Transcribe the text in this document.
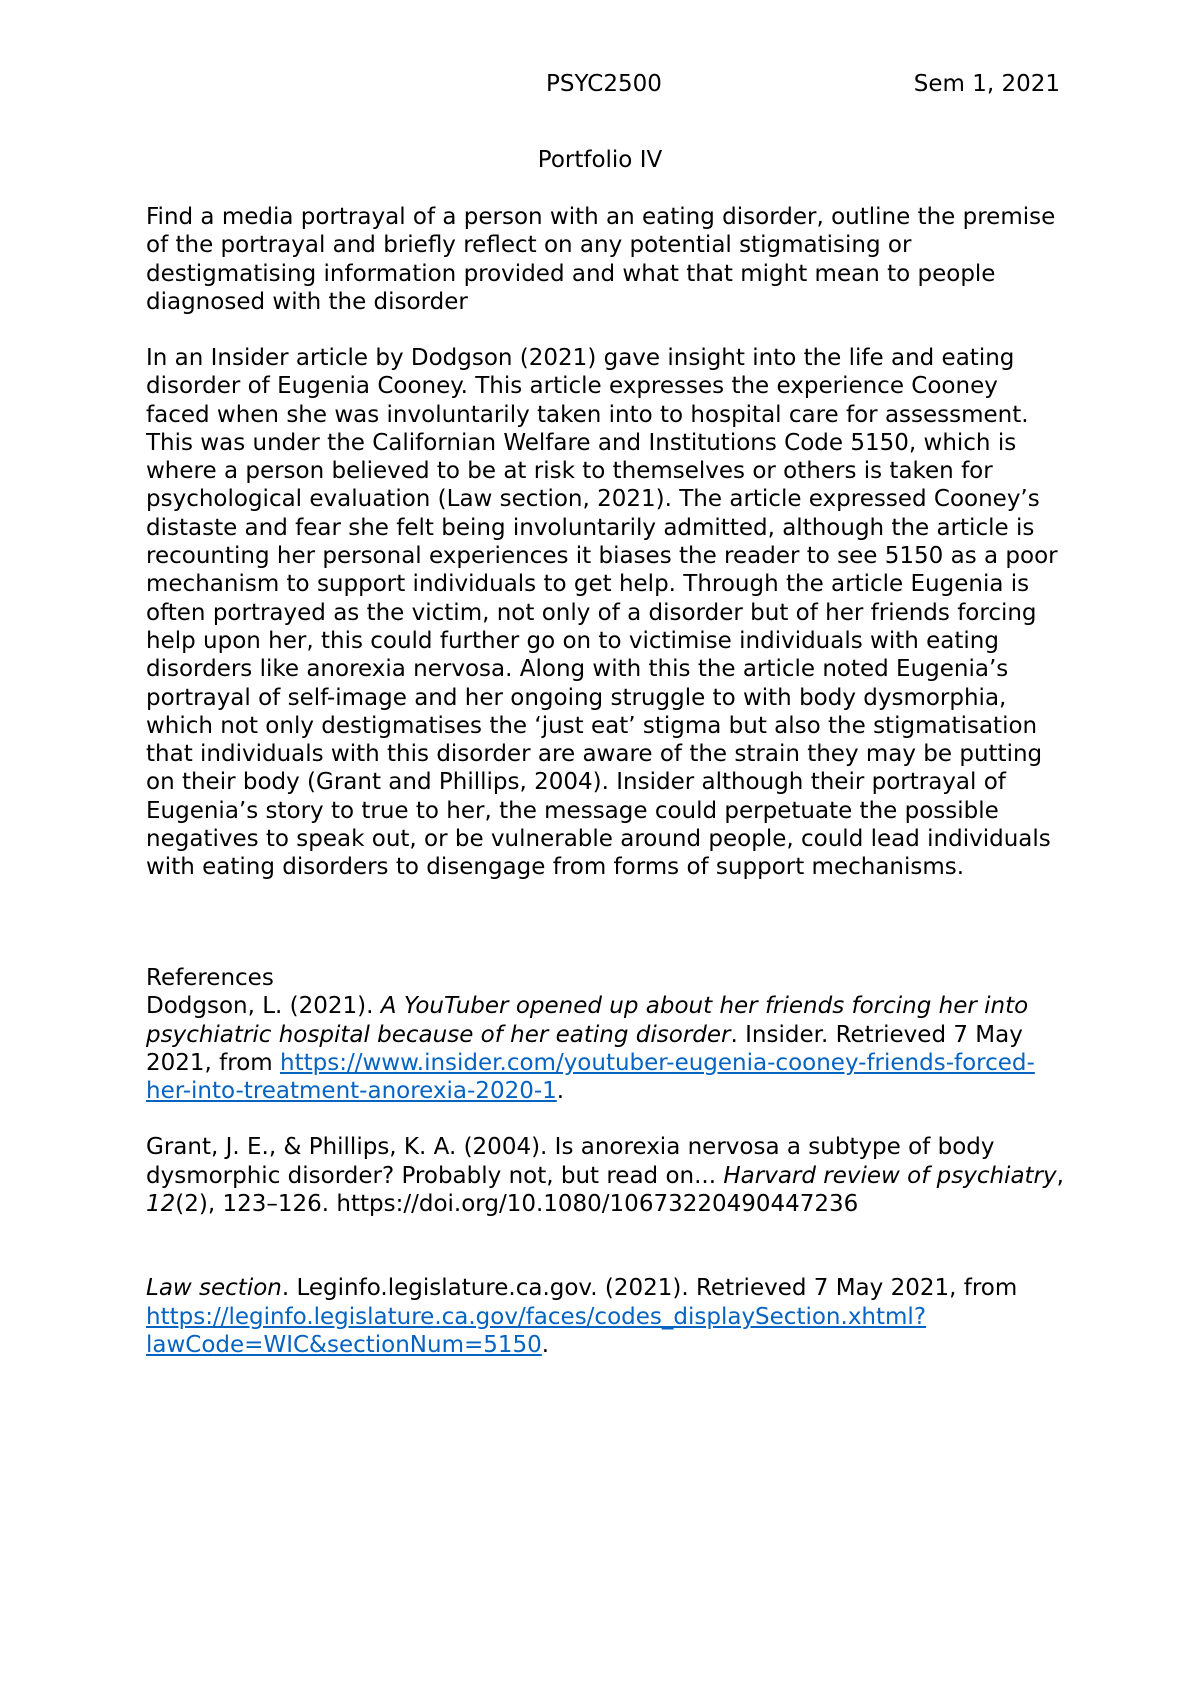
PSYC2500	Sem 1, 2021
Portfolio IV

Find a media portrayal of a person with an eating disorder, outline the premise of the portrayal and briefly reflect on any potential stigmatising or destigmatising information provided and what that might mean to people diagnosed with the disorder

In an Insider article by Dodgson (2021) gave insight into the life and eating disorder of Eugenia Cooney. This article expresses the experience Cooney faced when she was involuntarily taken into to hospital care for assessment. This was under the Californian Welfare and Institutions Code 5150, which is where a person believed to be at risk to themselves or others is taken for psychological evaluation (Law section, 2021). The article expressed Cooney’s distaste and fear she felt being involuntarily admitted, although the article is recounting her personal experiences it biases the reader to see 5150 as a poor mechanism to support individuals to get help. Through the article Eugenia is often portrayed as the victim, not only of a disorder but of her friends forcing help upon her, this could further go on to victimise individuals with eating disorders like anorexia nervosa. Along with this the article noted Eugenia’s portrayal of self-image and her ongoing struggle to with body dysmorphia, which not only destigmatises the ‘just eat’ stigma but also the stigmatisation that individuals with this disorder are aware of the strain they may be putting on their body (Grant and Phillips, 2004). Insider although their portrayal of Eugenia’s story to true to her, the message could perpetuate the possible negatives to speak out, or be vulnerable around people, could lead individuals with eating disorders to disengage from forms of support mechanisms.

References

Dodgson, L. (2021). A YouTuber opened up about her friends forcing her into psychiatric hospital because of her eating disorder. Insider. Retrieved 7 May 2021, from https://www.insider.com/youtuber-eugenia-cooney-friends-forced-her-into-treatment-anorexia-2020-1.

Grant, J. E., & Phillips, K. A. (2004). Is anorexia nervosa a subtype of body dysmorphic disorder? Probably not, but read on... Harvard review of psychiatry, 12(2), 123–126. https://doi.org/10.1080/10673220490447236

Law section. Leginfo.legislature.ca.gov. (2021). Retrieved 7 May 2021, from https://leginfo.legislature.ca.gov/faces/codes_displaySection.xhtml?lawCode=WIC&sectionNum=5150.
